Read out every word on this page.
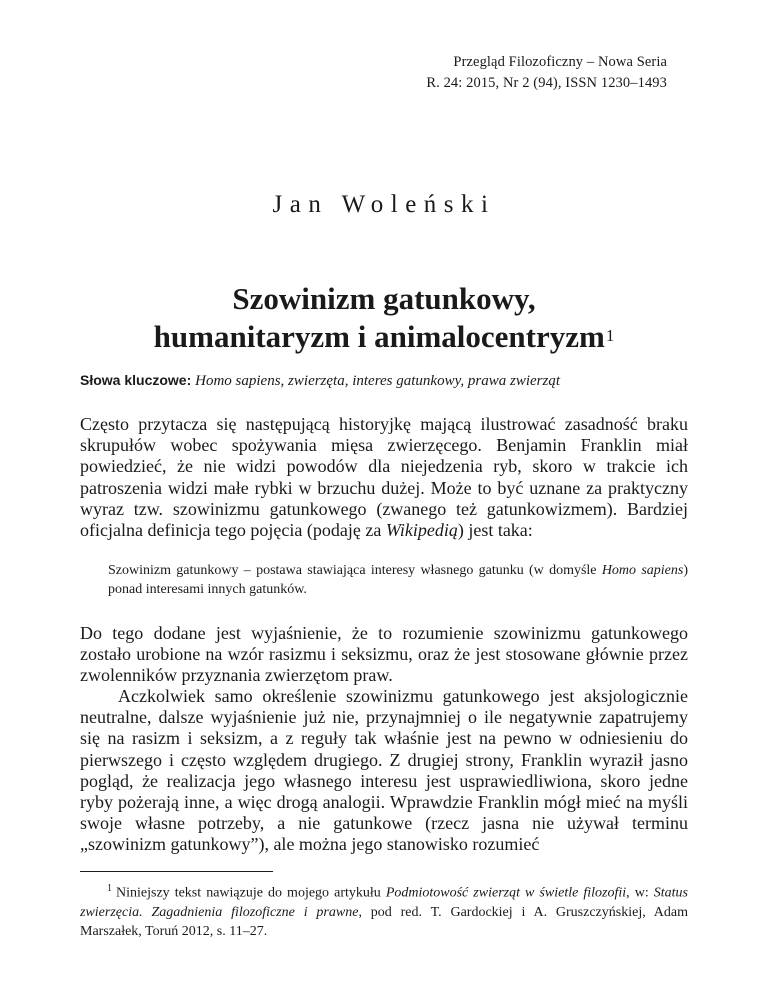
Przegląd Filozoficzny – Nowa Seria
R. 24: 2015, Nr 2 (94), ISSN 1230–1493
Jan Woleński
Szowinizm gatunkowy,
humanitaryzm i animalocentryzm$^1$
Słowa kluczowe: Homo sapiens, zwierzęta, interes gatunkowy, prawa zwierząt
Często przytacza się następującą historyjkę mającą ilustrować zasadność braku skrupułów wobec spożywania mięsa zwierzęcego. Benjamin Franklin miał powiedzieć, że nie widzi powodów dla niejedzenia ryb, skoro w trakcie ich patroszenia widzi małe rybki w brzuchu dużej. Może to być uznane za praktyczny wyraz tzw. szowinizmu gatunkowego (zwanego też gatunkowizmem). Bardziej oficjalna definicja tego pojęcia (podaję za Wikipedią) jest taka:
Szowinizm gatunkowy – postawa stawiająca interesy własnego gatunku (w domyśle Homo sapiens) ponad interesami innych gatunków.
Do tego dodane jest wyjaśnienie, że to rozumienie szowinizmu gatunkowego zostało urobione na wzór rasizmu i seksizmu, oraz że jest stosowane głównie przez zwolenników przyznania zwierzętom praw.
Aczkolwiek samo określenie szowinizmu gatunkowego jest aksjologicznie neutralne, dalsze wyjaśnienie już nie, przynajmniej o ile negatywnie zapatrujemy się na rasizm i seksizm, a z reguły tak właśnie jest na pewno w odniesieniu do pierwszego i często względem drugiego. Z drugiej strony, Franklin wyraził jasno pogląd, że realizacja jego własnego interesu jest usprawiedliwiona, skoro jedne ryby pożerają inne, a więc drogą analogii. Wprawdzie Franklin mógł mieć na myśli swoje własne potrzeby, a nie gatunkowe (rzecz jasna nie używał terminu „szowinizm gatunkowy”), ale można jego stanowisko rozumieć
$^1$ Niniejszy tekst nawiązuje do mojego artykułu Podmiotowość zwierząt w świetle filozofii, w: Status zwierzęcia. Zagadnienia filozoficzne i prawne, pod red. T. Gardockiej i A. Gruszczyńskiej, Adam Marszałek, Toruń 2012, s. 11–27.
